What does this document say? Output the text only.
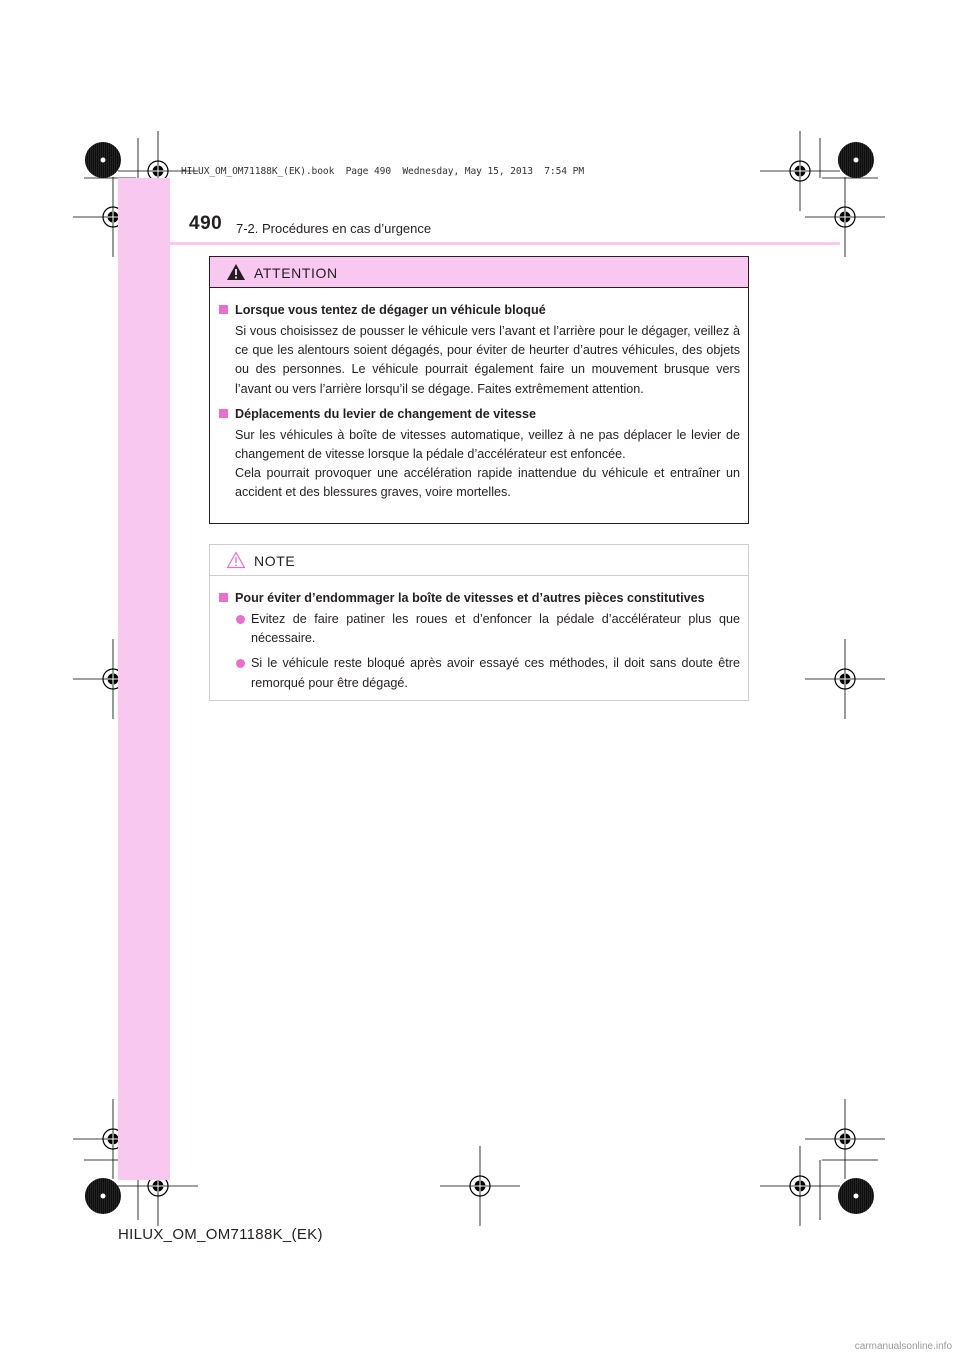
HILUX_OM_OM71188K_(EK).book  Page 490  Wednesday, May 15, 2013  7:54 PM
490 7-2. Procédures en cas d’urgence
ATTENTION
Lorsque vous tentez de dégager un véhicule bloqué
Si vous choisissez de pousser le véhicule vers l’avant et l’arrière pour le dégager, veillez à ce que les alentours soient dégagés, pour éviter de heurter d’autres véhicules, des objets ou des personnes. Le véhicule pourrait également faire un mouvement brusque vers l’avant ou vers l’arrière lorsqu’il se dégage. Faites extrêmement attention.
Déplacements du levier de changement de vitesse
Sur les véhicules à boîte de vitesses automatique, veillez à ne pas déplacer le levier de changement de vitesse lorsque la pédale d’accélérateur est enfoncée.
Cela pourrait provoquer une accélération rapide inattendue du véhicule et entraîner un accident et des blessures graves, voire mortelles.
NOTE
Pour éviter d’endommager la boîte de vitesses et d’autres pièces constitutives
Evitez de faire patiner les roues et d’enfoncer la pédale d’accélérateur plus que nécessaire.
Si le véhicule reste bloqué après avoir essayé ces méthodes, il doit sans doute être remorqué pour être dégagé.
HILUX_OM_OM71188K_(EK)
carmanualsonline.info
